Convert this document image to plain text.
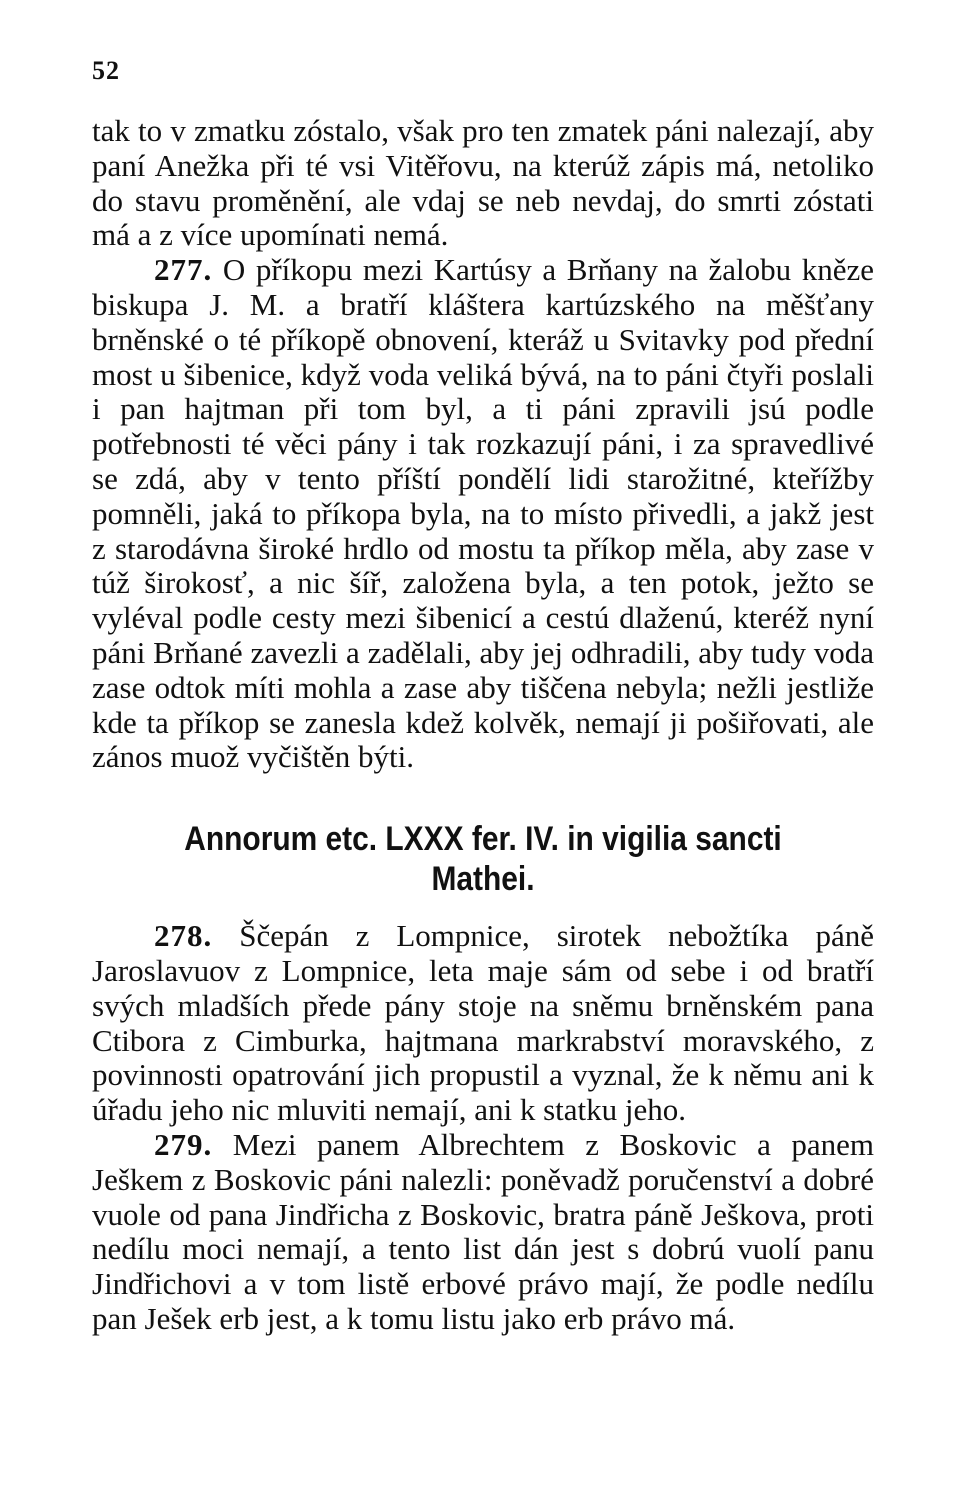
52

tak to v zmatku zóstalo, však pro ten zmatek páni nalezají, aby paní Anežka při té vsi Vitěřovu, na kterúž zápis má, netoliko do stavu proměnění, ale vdaj se neb nevdaj, do smrti zóstati má a z více upomínati nemá.

277. O příkopu mezi Kartúsy a Brňany na žalobu kněze biskupa J. M. a bratří kláštera kartúzského na měšťany brněnské o té příkopě obnovení, kteráž u Svitavky pod přední most u šibenice, když voda veliká bývá, na to páni čtyři poslali i pan hajtman při tom byl, a ti páni zpravili jsú podle potřebnosti té věci pány i tak rozkazují páni, i za spravedlivé se zdá, aby v tento příští pondělí lidi starožitné, kteřížby pomněli, jaká to příkopa byla, na to místo přivedli, a jakž jest z starodávna široké hrdlo od mostu ta příkop měla, aby zase v túž širokosť, a nic šíř, založena byla, a ten potok, ježto se vyléval podle cesty mezi šibenicí a cestú dlaženú, kteréž nyní páni Brňané zavezli a zadělali, aby jej odhradili, aby tudy voda zase odtok míti mohla a zase aby tiščena nebyla; nežli jestliže kde ta příkop se zanesla kdež kolvěk, nemají ji pošiřovati, ale zános muož vyčištěn býti.

Annorum etc. LXXX fer. IV. in vigilia sancti Mathei.

278. Ščepán z Lompnice, sirotek nebožtíka páně Jaroslavuov z Lompnice, leta maje sám od sebe i od bratří svých mladších přede pány stoje na sněmu brněnském pana Ctibora z Cimburka, hajtmana markrabství moravského, z povinnosti opatrování jich propustil a vyznal, že k němu ani k úřadu jeho nic mluviti nemají, ani k statku jeho.

279. Mezi panem Albrechtem z Boskovic a panem Ješkem z Boskovic páni nalezli: poněvadž poručenství a dobré vuole od pana Jindřicha z Boskovic, bratra páně Ješkova, proti nedílu moci nemají, a tento list dán jest s dobrú vuolí panu Jindřichovi a v tom listě erbové právo mají, že podle nedílu pan Ješek erb jest, a k tomu listu jako erb právo má.
